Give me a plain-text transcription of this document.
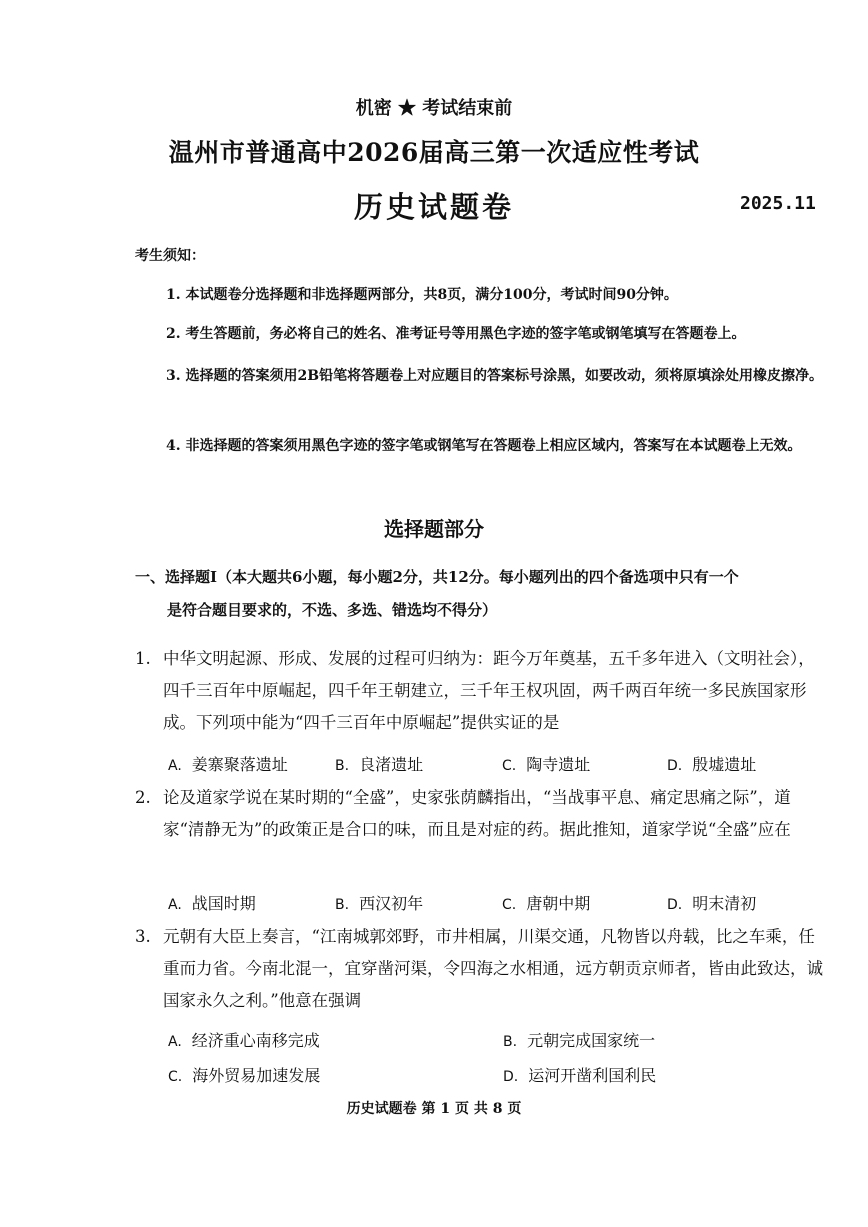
机密 ★ 考试结束前
温州市普通高中2026届高三第一次适应性考试
历史试题卷	2025.11
考生须知：
1. 本试题卷分选择题和非选择题两部分，共8页，满分100分，考试时间90分钟。
2. 考生答题前，务必将自己的姓名、准考证号等用黑色字迹的签字笔或钢笔填写在答题卷上。
3. 选择题的答案须用2B铅笔将答题卷上对应题目的答案标号涂黑，如要改动，须将原填涂处用橡皮擦净。
4. 非选择题的答案须用黑色字迹的签字笔或钢笔写在答题卷上相应区域内，答案写在本试题卷上无效。
选择题部分
一、选择题Ⅰ（本大题共6小题，每小题2分，共12分。每小题列出的四个备选项中只有一个
是符合题目要求的，不选、多选、错选均不得分）
1. 中华文明起源、形成、发展的过程可归纳为：距今万年奠基，五千多年进入（文明社会），四千三百年中原崛起，四千年王朝建立，三千年王权巩固，两千两百年统一多民族国家形成。下列项中能为“四千三百年中原崛起”提供实证的是
A. 姜寨聚落遗址	B. 良渚遗址	C. 陶寺遗址	D. 殷墟遗址
2. 论及道家学说在某时期的“全盛”，史家张荫麟指出，“当战事平息、痛定思痛之际”，道家“清静无为”的政策正是合口的味，而且是对症的药。据此推知，道家学说“全盛”应在
A. 战国时期	B. 西汉初年	C. 唐朝中期	D. 明末清初
3. 元朝有大臣上奏言，“江南城郭郊野，市井相属，川渠交通，凡物皆以舟载，比之车乘，任重而力省。今南北混一，宜穿凿河渠，令四海之水相通，远方朝贡京师者，皆由此致达，诚国家永久之利。”他意在强调
A. 经济重心南移完成	B. 元朝完成国家统一
C. 海外贸易加速发展	D. 运河开凿利国利民
历史试题卷 第 1 页 共 8 页
